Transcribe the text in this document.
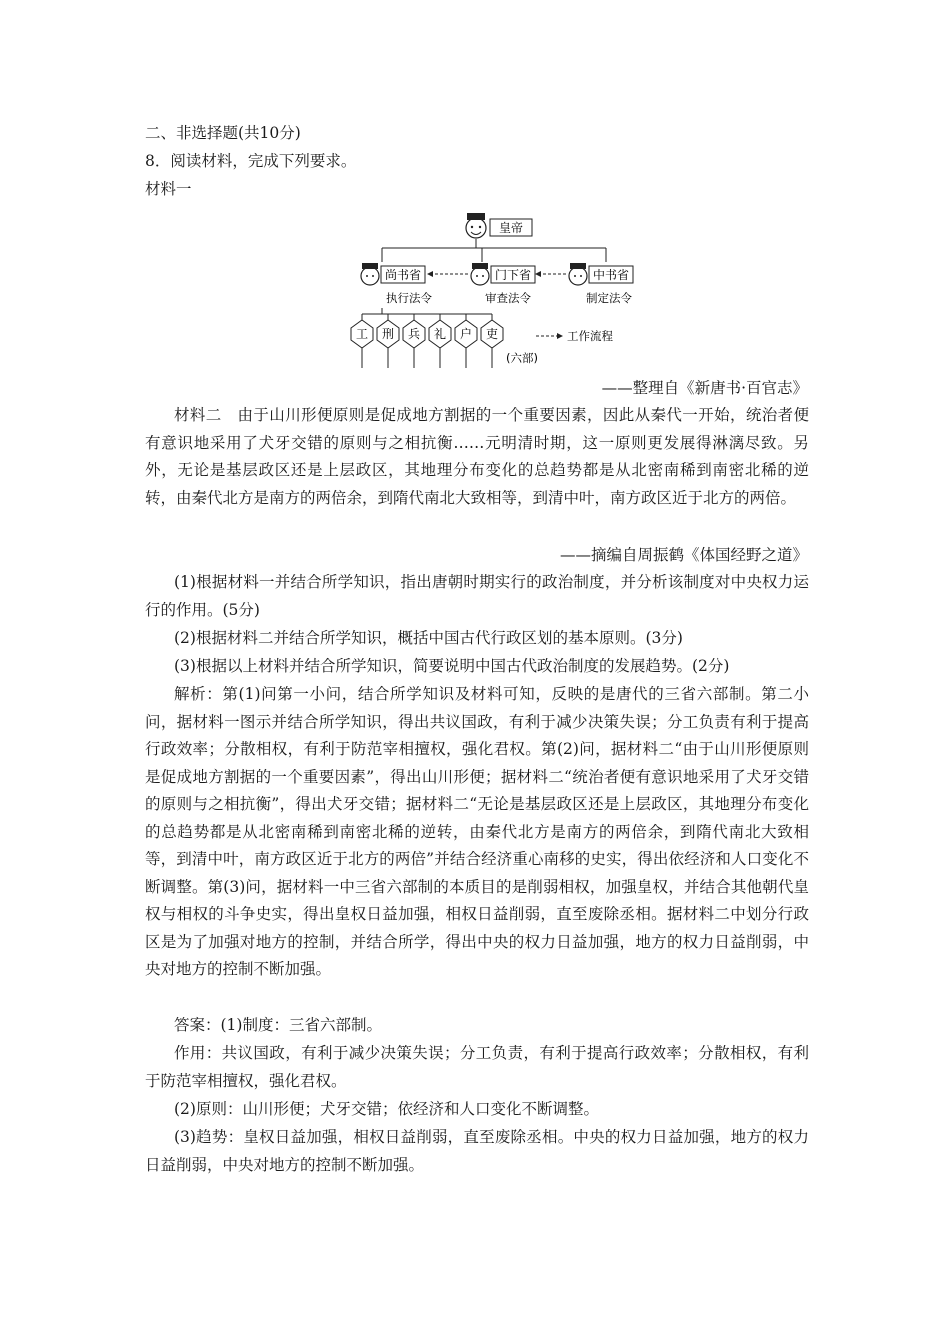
二、非选择题(共10分)
8．阅读材料，完成下列要求。
材料一
皇帝
尚书省
执行法令
门下省
审查法令
中书省
制定法令
工 刑 兵 礼 户 吏
(六部)
工作流程
——整理自《新唐书·百官志》
材料二　由于山川形便原则是促成地方割据的一个重要因素，因此从秦代一开始，统治者便有意识地采用了犬牙交错的原则与之相抗衡……元明清时期，这一原则更发展得淋漓尽致。另外，无论是基层政区还是上层政区，其地理分布变化的总趋势都是从北密南稀到南密北稀的逆转，由秦代北方是南方的两倍余，到隋代南北大致相等，到清中叶，南方政区近于北方的两倍。
——摘编自周振鹤《体国经野之道》
(1)根据材料一并结合所学知识，指出唐朝时期实行的政治制度，并分析该制度对中央权力运行的作用。(5分)
(2)根据材料二并结合所学知识，概括中国古代行政区划的基本原则。(3分)
(3)根据以上材料并结合所学知识，简要说明中国古代政治制度的发展趋势。(2分)
解析：第(1)问第一小问，结合所学知识及材料可知，反映的是唐代的三省六部制。第二小问，据材料一图示并结合所学知识，得出共议国政，有利于减少决策失误；分工负责有利于提高行政效率；分散相权，有利于防范宰相擅权，强化君权。第(2)问，据材料二“由于山川形便原则是促成地方割据的一个重要因素”，得出山川形便；据材料二“统治者便有意识地采用了犬牙交错的原则与之相抗衡”，得出犬牙交错；据材料二“无论是基层政区还是上层政区，其地理分布变化的总趋势都是从北密南稀到南密北稀的逆转，由秦代北方是南方的两倍余，到隋代南北大致相等，到清中叶，南方政区近于北方的两倍”并结合经济重心南移的史实，得出依经济和人口变化不断调整。第(3)问，据材料一中三省六部制的本质目的是削弱相权，加强皇权，并结合其他朝代皇权与相权的斗争史实，得出皇权日益加强，相权日益削弱，直至废除丞相。据材料二中划分行政区是为了加强对地方的控制，并结合所学，得出中央的权力日益加强，地方的权力日益削弱，中央对地方的控制不断加强。
答案：(1)制度：三省六部制。
作用：共议国政，有利于减少决策失误；分工负责，有利于提高行政效率；分散相权，有利于防范宰相擅权，强化君权。
(2)原则：山川形便；犬牙交错；依经济和人口变化不断调整。
(3)趋势：皇权日益加强，相权日益削弱，直至废除丞相。中央的权力日益加强，地方的权力日益削弱，中央对地方的控制不断加强。
